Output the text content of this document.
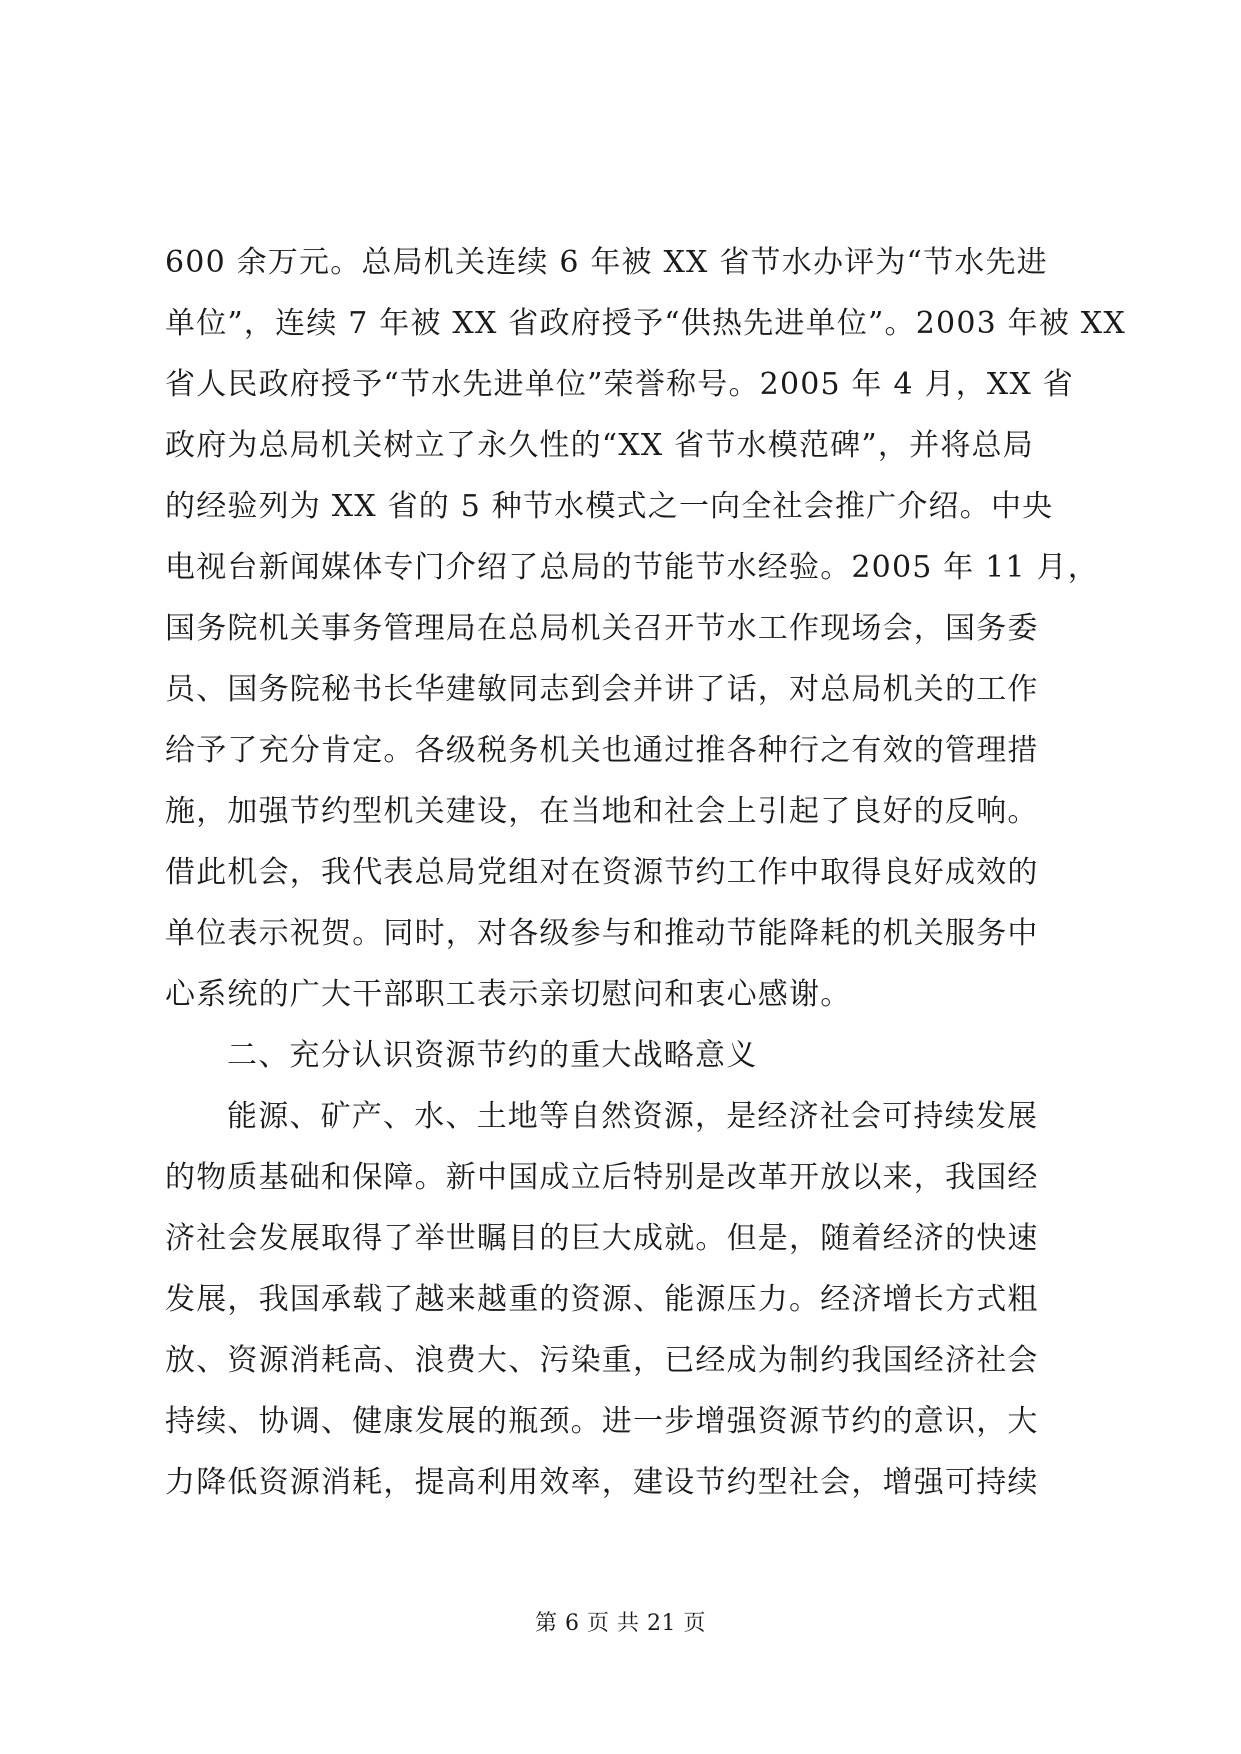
600 余万元。总局机关连续 6 年被 XX 省节水办评为“节水先进
单位”，连续 7 年被 XX 省政府授予“供热先进单位”。2003 年被 XX
省人民政府授予“节水先进单位”荣誉称号。2005 年 4 月，XX 省
政府为总局机关树立了永久性的“XX 省节水模范碑”，并将总局
的经验列为 XX 省的 5 种节水模式之一向全社会推广介绍。中央
电视台新闻媒体专门介绍了总局的节能节水经验。2005 年 11 月，
国务院机关事务管理局在总局机关召开节水工作现场会，国务委
员、国务院秘书长华建敏同志到会并讲了话，对总局机关的工作
给予了充分肯定。各级税务机关也通过推各种行之有效的管理措
施，加强节约型机关建设，在当地和社会上引起了良好的反响。
借此机会，我代表总局党组对在资源节约工作中取得良好成效的
单位表示祝贺。同时，对各级参与和推动节能降耗的机关服务中
心系统的广大干部职工表示亲切慰问和衷心感谢。
二、充分认识资源节约的重大战略意义
能源、矿产、水、土地等自然资源，是经济社会可持续发展
的物质基础和保障。新中国成立后特别是改革开放以来，我国经
济社会发展取得了举世瞩目的巨大成就。但是，随着经济的快速
发展，我国承载了越来越重的资源、能源压力。经济增长方式粗
放、资源消耗高、浪费大、污染重，已经成为制约我国经济社会
持续、协调、健康发展的瓶颈。进一步增强资源节约的意识，大
力降低资源消耗，提高利用效率，建设节约型社会，增强可持续
第 6 页 共 21 页
